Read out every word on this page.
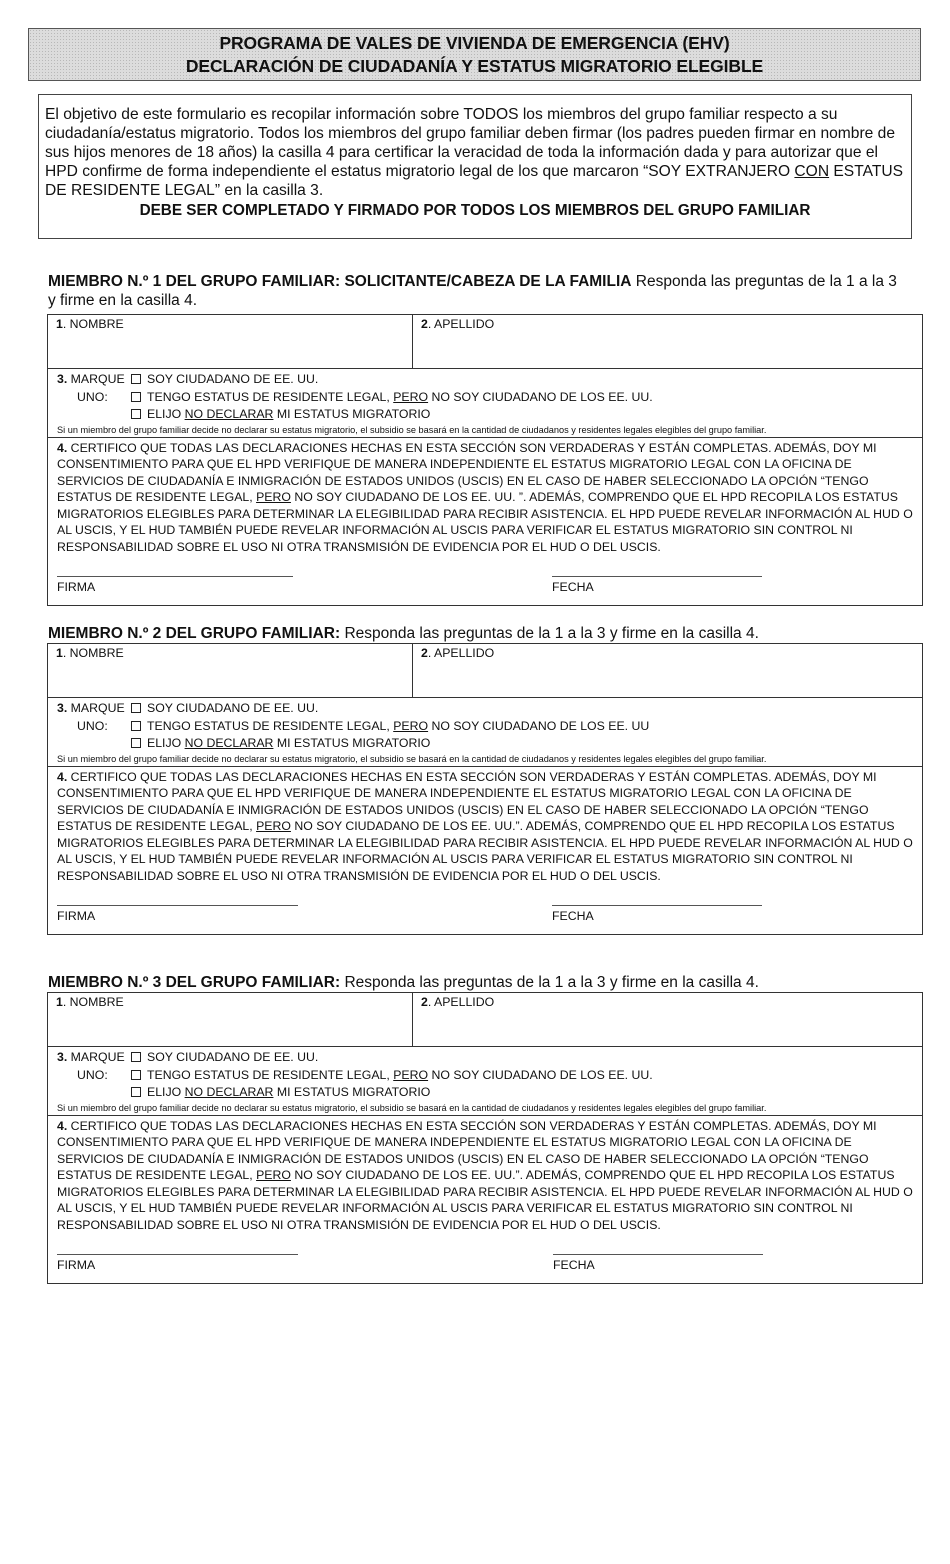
PROGRAMA DE VALES DE VIVIENDA DE EMERGENCIA (EHV)
DECLARACIÓN DE CIUDADANÍA Y ESTATUS MIGRATORIO ELEGIBLE
El objetivo de este formulario es recopilar información sobre TODOS los miembros del grupo familiar respecto a su ciudadanía/estatus migratorio. Todos los miembros del grupo familiar deben firmar (los padres pueden firmar en nombre de sus hijos menores de 18 años) la casilla 4 para certificar la veracidad de toda la información dada y para autorizar que el HPD confirme de forma independiente el estatus migratorio legal de los que marcaron “SOY EXTRANJERO CON ESTATUS DE RESIDENTE LEGAL” en la casilla 3.
DEBE SER COMPLETADO Y FIRMADO POR TODOS LOS MIEMBROS DEL GRUPO FAMILIAR
MIEMBRO N.º 1 DEL GRUPO FAMILIAR: SOLICITANTE/CABEZA DE LA FAMILIA Responda las preguntas de la 1 a la 3 y firme en la casilla 4.
1. NOMBRE	2. APELLIDO
3. MARQUE SOY CIUDADANO DE EE. UU.
UNO:	TENGO ESTATUS DE RESIDENTE LEGAL, PERO NO SOY CIUDADANO DE LOS EE. UU.
ELIJO NO DECLARAR MI ESTATUS MIGRATORIO
Si un miembro del grupo familiar decide no declarar su estatus migratorio, el subsidio se basará en la cantidad de ciudadanos y residentes legales elegibles del grupo familiar.
4. CERTIFICO QUE TODAS LAS DECLARACIONES HECHAS EN ESTA SECCIÓN SON VERDADERAS Y ESTÁN COMPLETAS. ADEMÁS, DOY MI CONSENTIMIENTO PARA QUE EL HPD VERIFIQUE DE MANERA INDEPENDIENTE EL ESTATUS MIGRATORIO LEGAL CON LA OFICINA DE SERVICIOS DE CIUDADANÍA E INMIGRACIÓN DE ESTADOS UNIDOS (USCIS) EN EL CASO DE HABER SELECCIONADO LA OPCIÓN “TENGO ESTATUS DE RESIDENTE LEGAL, PERO NO SOY CIUDADANO DE LOS EE. UU. ”. ADEMÁS, COMPRENDO QUE EL HPD RECOPILA LOS ESTATUS MIGRATORIOS ELEGIBLES PARA DETERMINAR LA ELEGIBILIDAD PARA RECIBIR ASISTENCIA. EL HPD PUEDE REVELAR INFORMACIÓN AL HUD O AL USCIS, Y EL HUD TAMBIÉN PUEDE REVELAR INFORMACIÓN AL USCIS PARA VERIFICAR EL ESTATUS MIGRATORIO SIN CONTROL NI RESPONSABILIDAD SOBRE EL USO NI OTRA TRANSMISIÓN DE EVIDENCIA POR EL HUD O DEL USCIS.
FIRMA	FECHA
MIEMBRO N.º 2 DEL GRUPO FAMILIAR: Responda las preguntas de la 1 a la 3 y firme en la casilla 4.
1. NOMBRE	2. APELLIDO
3. MARQUE SOY CIUDADANO DE EE. UU.
UNO:	TENGO ESTATUS DE RESIDENTE LEGAL, PERO NO SOY CIUDADANO DE LOS EE. UU
ELIJO NO DECLARAR MI ESTATUS MIGRATORIO
Si un miembro del grupo familiar decide no declarar su estatus migratorio, el subsidio se basará en la cantidad de ciudadanos y residentes legales elegibles del grupo familiar.
4. CERTIFICO QUE TODAS LAS DECLARACIONES HECHAS EN ESTA SECCIÓN SON VERDADERAS Y ESTÁN COMPLETAS. ADEMÁS, DOY MI CONSENTIMIENTO PARA QUE EL HPD VERIFIQUE DE MANERA INDEPENDIENTE EL ESTATUS MIGRATORIO LEGAL CON LA OFICINA DE SERVICIOS DE CIUDADANÍA E INMIGRACIÓN DE ESTADOS UNIDOS (USCIS) EN EL CASO DE HABER SELECCIONADO LA OPCIÓN “TENGO ESTATUS DE RESIDENTE LEGAL, PERO NO SOY CIUDADANO DE LOS EE. UU.”. ADEMÁS, COMPRENDO QUE EL HPD RECOPILA LOS ESTATUS MIGRATORIOS ELEGIBLES PARA DETERMINAR LA ELEGIBILIDAD PARA RECIBIR ASISTENCIA. EL HPD PUEDE REVELAR INFORMACIÓN AL HUD O AL USCIS, Y EL HUD TAMBIÉN PUEDE REVELAR INFORMACIÓN AL USCIS PARA VERIFICAR EL ESTATUS MIGRATORIO SIN CONTROL NI RESPONSABILIDAD SOBRE EL USO NI OTRA TRANSMISIÓN DE EVIDENCIA POR EL HUD O DEL USCIS.
FIRMA	FECHA
MIEMBRO N.º 3 DEL GRUPO FAMILIAR: Responda las preguntas de la 1 a la 3 y firme en la casilla 4.
1. NOMBRE	2. APELLIDO
3. MARQUE SOY CIUDADANO DE EE. UU.
UNO:	TENGO ESTATUS DE RESIDENTE LEGAL, PERO NO SOY CIUDADANO DE LOS EE. UU.
ELIJO NO DECLARAR MI ESTATUS MIGRATORIO
Si un miembro del grupo familiar decide no declarar su estatus migratorio, el subsidio se basará en la cantidad de ciudadanos y residentes legales elegibles del grupo familiar.
4. CERTIFICO QUE TODAS LAS DECLARACIONES HECHAS EN ESTA SECCIÓN SON VERDADERAS Y ESTÁN COMPLETAS. ADEMÁS, DOY MI CONSENTIMIENTO PARA QUE EL HPD VERIFIQUE DE MANERA INDEPENDIENTE EL ESTATUS MIGRATORIO LEGAL CON LA OFICINA DE SERVICIOS DE CIUDADANÍA E INMIGRACIÓN DE ESTADOS UNIDOS (USCIS) EN EL CASO DE HABER SELECCIONADO LA OPCIÓN “TENGO ESTATUS DE RESIDENTE LEGAL, PERO NO SOY CIUDADANO DE LOS EE. UU.”. ADEMÁS, COMPRENDO QUE EL HPD RECOPILA LOS ESTATUS MIGRATORIOS ELEGIBLES PARA DETERMINAR LA ELEGIBILIDAD PARA RECIBIR ASISTENCIA. EL HPD PUEDE REVELAR INFORMACIÓN AL HUD O AL USCIS, Y EL HUD TAMBIÉN PUEDE REVELAR INFORMACIÓN AL USCIS PARA VERIFICAR EL ESTATUS MIGRATORIO SIN CONTROL NI RESPONSABILIDAD SOBRE EL USO NI OTRA TRANSMISIÓN DE EVIDENCIA POR EL HUD O DEL USCIS.
FIRMA	FECHA
